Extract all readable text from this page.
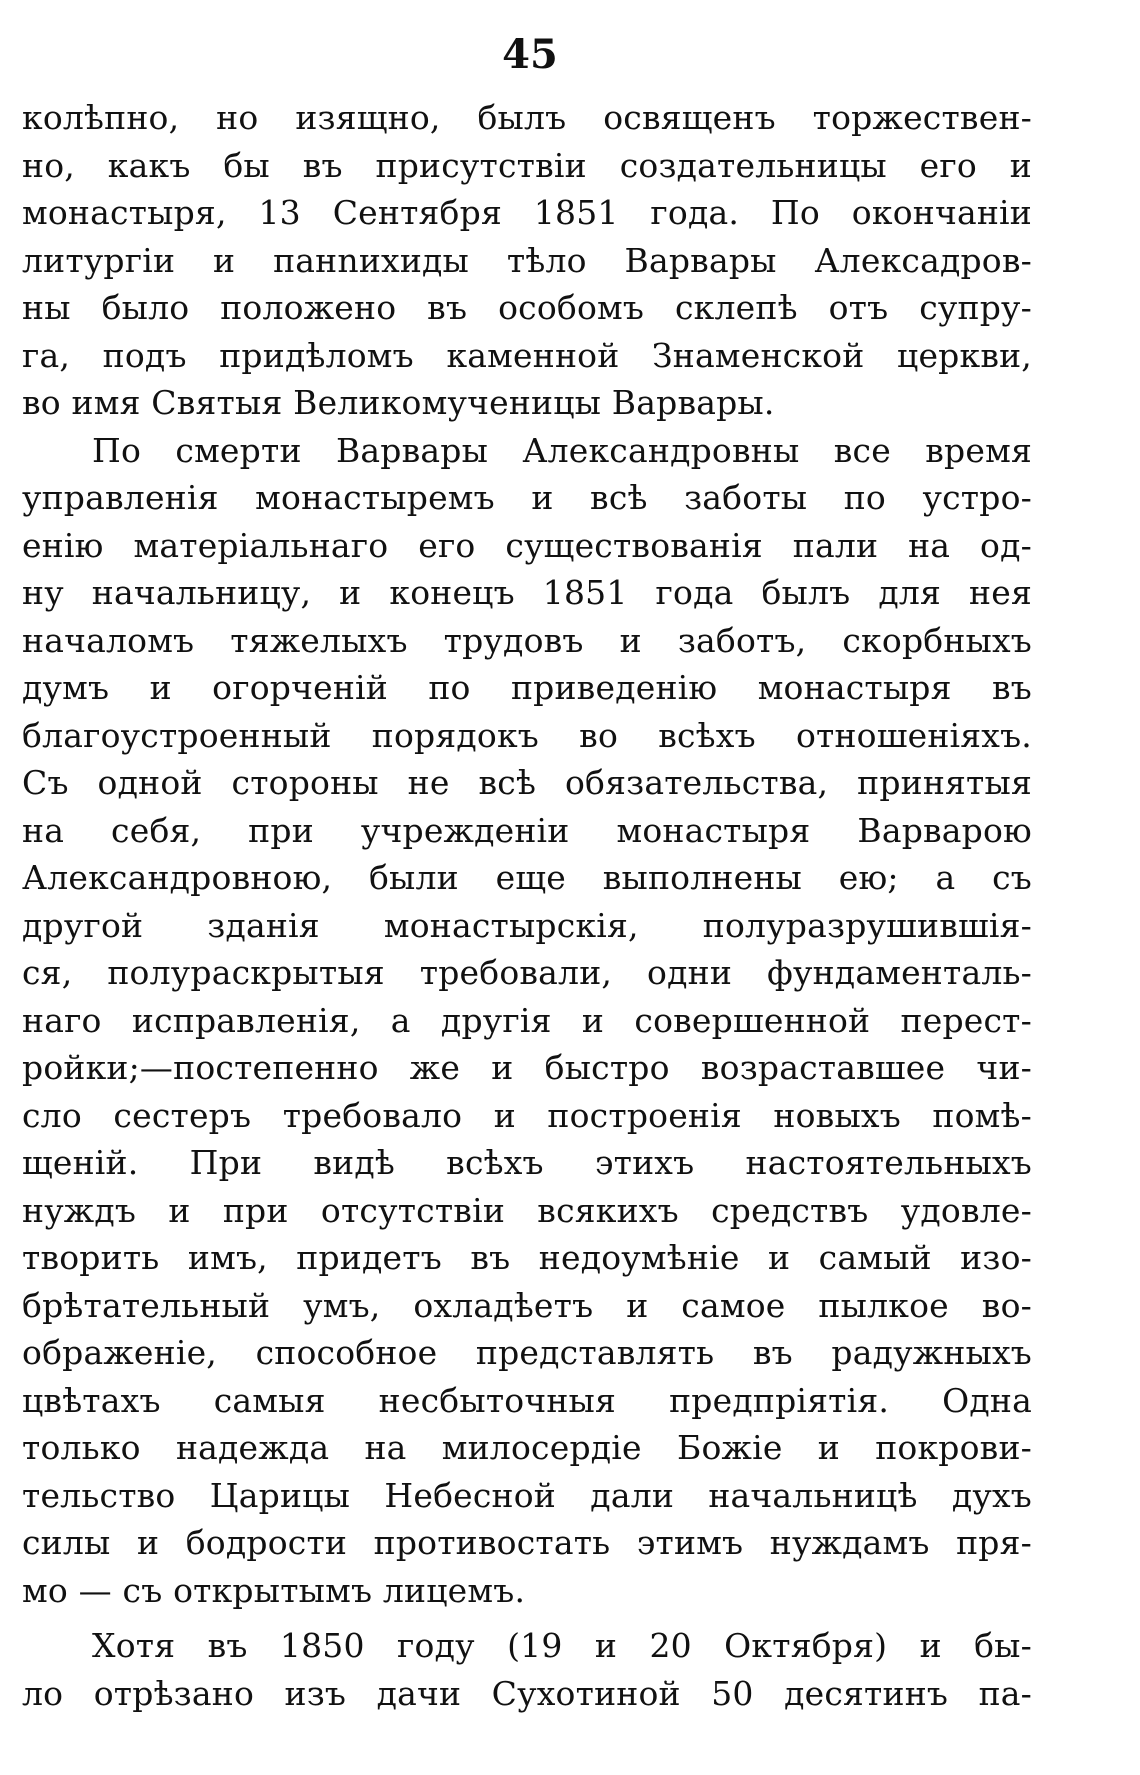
45
колѣпно, но изящно, былъ освященъ торжествен-
но, какъ бы въ присутствіи создательницы его и
монастыря, 13 Сентября 1851 года. По окончаніи
литургіи и панnихиды тѣло Варвары Алексадров-
ны было положено въ особомъ склепѣ отъ супру-
га, подъ придѣломъ каменной Знаменской церкви,
во имя Святыя Великомученицы Варвары.
По смерти Варвары Александровны все время
управленія монастыремъ и всѣ заботы по устро-
енію матеріальнаго его существованія пали на од-
ну начальницу, и конецъ 1851 года былъ для нея
началомъ тяжелыхъ трудовъ и заботъ, скорбныхъ
думъ и огорченій по приведенію монастыря въ
благоустроенный порядокъ во всѣхъ отношеніяхъ.
Съ одной стороны не всѣ обязательства, принятыя
на себя, при учрежденіи монастыря Варварою
Александровною, были еще выполнены ею; а съ
другой зданія монастырскія, полуразрушившія-
ся, полураскрытыя требовали, одни фундаменталь-
наго исправленія, а другія и совершенной перест-
ройки;—постепенно же и быстро возраставшее чи-
сло сестеръ требовало и построенія новыхъ помѣ-
щеній. При видѣ всѣхъ этихъ настоятельныхъ
нуждъ и при отсутствіи всякихъ средствъ удовле-
творить имъ, придетъ въ недоумѣніе и самый изо-
брѣтательный умъ, охладѣетъ и самое пылкое во-
ображеніе, способное представлять въ радужныхъ
цвѣтахъ самыя несбыточныя предпріятія. Одна
только надежда на милосердіе Божіе и покрови-
тельство Царицы Небесной дали начальницѣ духъ
силы и бодрости противостать этимъ нуждамъ пря-
мо — съ открытымъ лицемъ.
Хотя въ 1850 году (19 и 20 Октября) и бы-
ло отрѣзано изъ дачи Сухотиной 50 десятинъ па-
